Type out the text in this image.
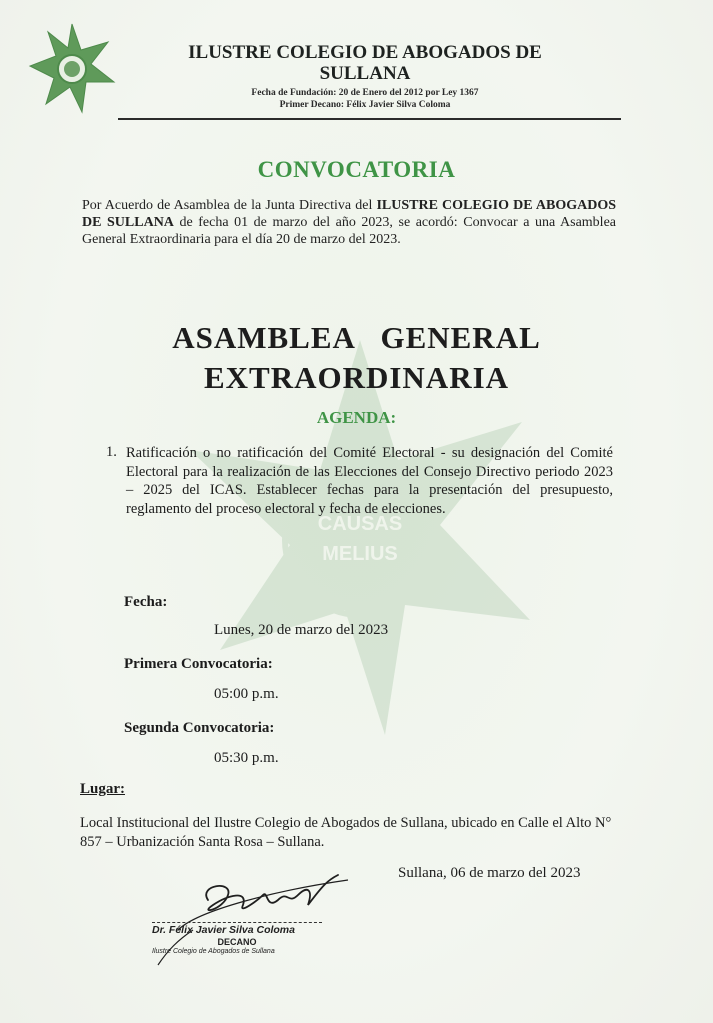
CAUSAS
MELIUS
ILUSTRE COLEGIO DE ABOGADOS DE
SULLANA
Fecha de Fundación: 20 de Enero del 2012 por Ley 1367
Primer Decano: Félix Javier Silva Coloma
CONVOCATORIA
Por Acuerdo de Asamblea de la Junta Directiva del ILUSTRE COLEGIO DE ABOGADOS DE SULLANA de fecha 01 de marzo del año 2023, se acordó: Convocar a una Asamblea General Extraordinaria para el día 20 de marzo del 2023.
ASAMBLEA   GENERAL
EXTRAORDINARIA
AGENDA:
1. Ratificación o no ratificación del Comité Electoral - su designación del Comité Electoral para la realización de las Elecciones del Consejo Directivo periodo 2023 – 2025 del ICAS. Establecer fechas para la presentación del presupuesto, reglamento del proceso electoral y fecha de elecciones.
Fecha:
Lunes, 20 de marzo del 2023
Primera Convocatoria:
05:00 p.m.
Segunda Convocatoria:
05:30 p.m.
Lugar:
Local Institucional del Ilustre Colegio de Abogados de Sullana, ubicado en Calle el Alto N° 857 – Urbanización Santa Rosa – Sullana.
Sullana, 06 de marzo del 2023
Dr. Félix Javier Silva Coloma
DECANO
Ilustre Colegio de Abogados de Sullana
